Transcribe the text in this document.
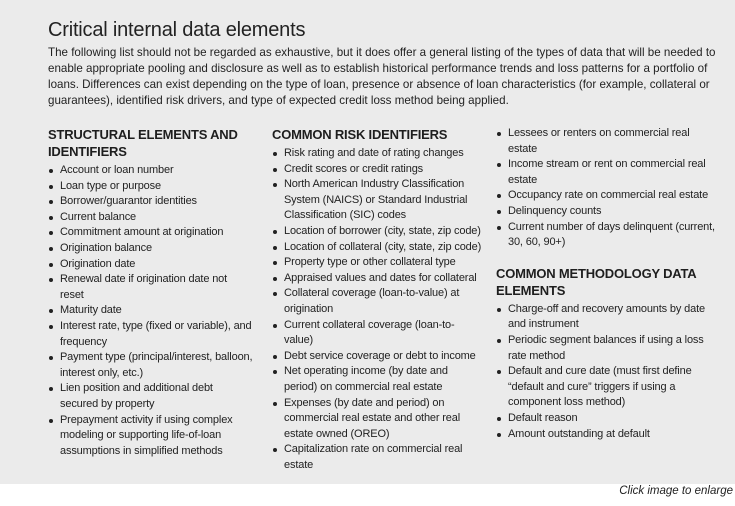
Critical internal data elements
The following list should not be regarded as exhaustive, but it does offer a general listing of the types of data that will be needed to enable appropriate pooling and disclosure as well as to establish historical performance trends and loss patterns for a portfolio of loans. Differences can exist depending on the type of loan, presence or absence of loan characteristics (for example, collateral or guarantees), identified risk drivers, and type of expected credit loss method being applied.
STRUCTURAL ELEMENTS AND IDENTIFIERS
Account or loan number
Loan type or purpose
Borrower/guarantor identities
Current balance
Commitment amount at origination
Origination balance
Origination date
Renewal date if origination date not reset
Maturity date
Interest rate, type (fixed or variable), and frequency
Payment type (principal/interest, balloon, interest only, etc.)
Lien position and additional debt secured by property
Prepayment activity if using complex modeling or supporting life-of-loan assumptions in simplified methods
COMMON RISK IDENTIFIERS
Risk rating and date of rating changes
Credit scores or credit ratings
North American Industry Classification System (NAICS) or Standard Industrial Classification (SIC) codes
Location of borrower (city, state, zip code)
Location of collateral (city, state, zip code)
Property type or other collateral type
Appraised values and dates for collateral
Collateral coverage (loan-to-value) at origination
Current collateral coverage (loan-to-value)
Debt service coverage or debt to income
Net operating income (by date and period) on commercial real estate
Expenses (by date and period) on commercial real estate and other real estate owned (OREO)
Capitalization rate on commercial real estate
Lessees or renters on commercial real estate
Income stream or rent on commercial real estate
Occupancy rate on commercial real estate
Delinquency counts
Current number of days delinquent (current, 30, 60, 90+)
COMMON METHODOLOGY DATA ELEMENTS
Charge-off and recovery amounts by date and instrument
Periodic segment balances if using a loss rate method
Default and cure date (must first define “default and cure” triggers if using a component loss method)
Default reason
Amount outstanding at default
Click image to enlarge
